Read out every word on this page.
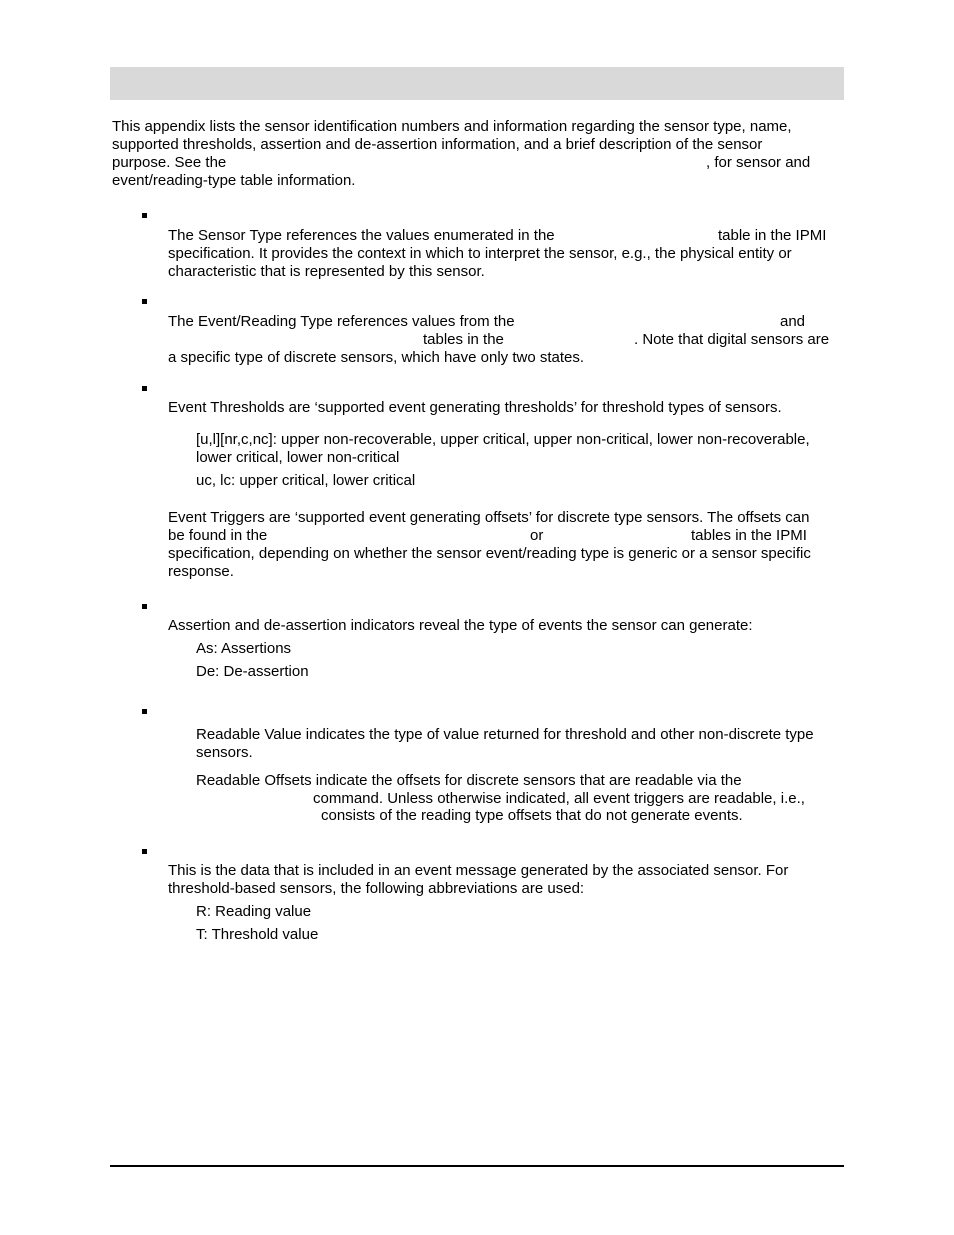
This appendix lists the sensor identification numbers and information regarding the sensor type, name,
supported thresholds, assertion and de-assertion information, and a brief description of the sensor
purpose. See the	, for sensor and
event/reading-type table information.
The Sensor Type references the values enumerated in the	table in the IPMI
specification. It provides the context in which to interpret the sensor, e.g., the physical entity or
characteristic that is represented by this sensor.
The Event/Reading Type references values from the	and
tables in the	. Note that digital sensors are
a specific type of discrete sensors, which have only two states.
Event Thresholds are ‘supported event generating thresholds’ for threshold types of sensors.
[u,l][nr,c,nc]: upper non-recoverable, upper critical, upper non-critical, lower non-recoverable,
lower critical, lower non-critical
uc, lc: upper critical, lower critical
Event Triggers are ‘supported event generating offsets’ for discrete type sensors. The offsets can
be found in the	or	tables in the IPMI
specification, depending on whether the sensor event/reading type is generic or a sensor specific
response.
Assertion and de-assertion indicators reveal the type of events the sensor can generate:
As: Assertions
De: De-assertion
Readable Value indicates the type of value returned for threshold and other non-discrete type
sensors.
Readable Offsets indicate the offsets for discrete sensors that are readable via the
command. Unless otherwise indicated, all event triggers are readable, i.e.,
consists of the reading type offsets that do not generate events.
This is the data that is included in an event message generated by the associated sensor. For
threshold-based sensors, the following abbreviations are used:
R: Reading value
T: Threshold value
